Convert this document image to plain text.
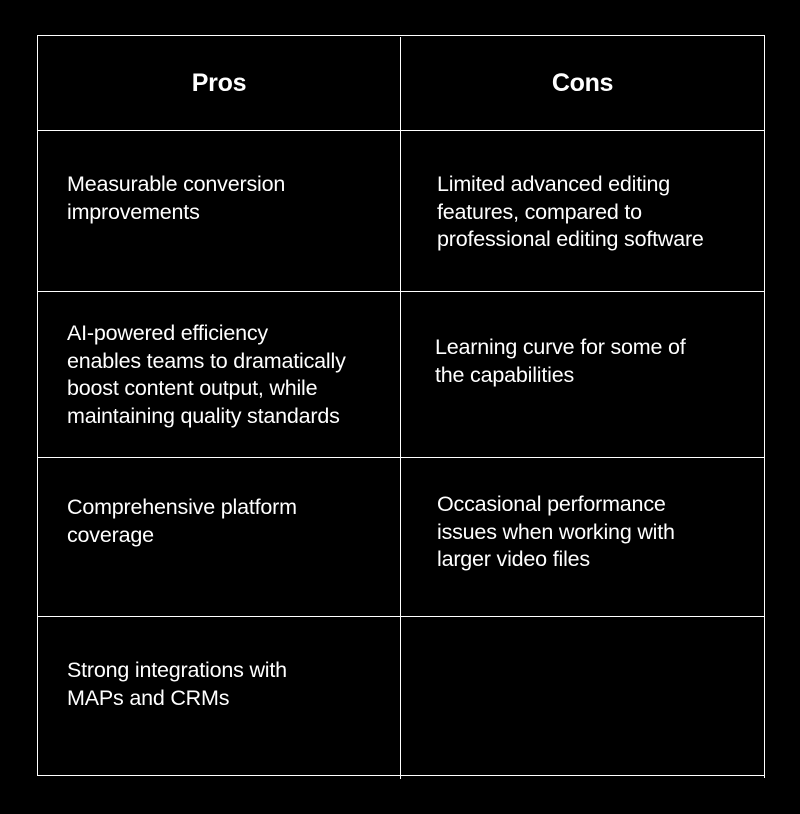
Pros	Cons
Measurable conversion
improvements
Limited advanced editing
features, compared to
professional editing software
AI-powered efficiency
enables teams to dramatically
boost content output, while
maintaining quality standards
Learning curve for some of
the capabilities
Comprehensive platform
coverage
Occasional performance
issues when working with
larger video files
Strong integrations with
MAPs and CRMs
